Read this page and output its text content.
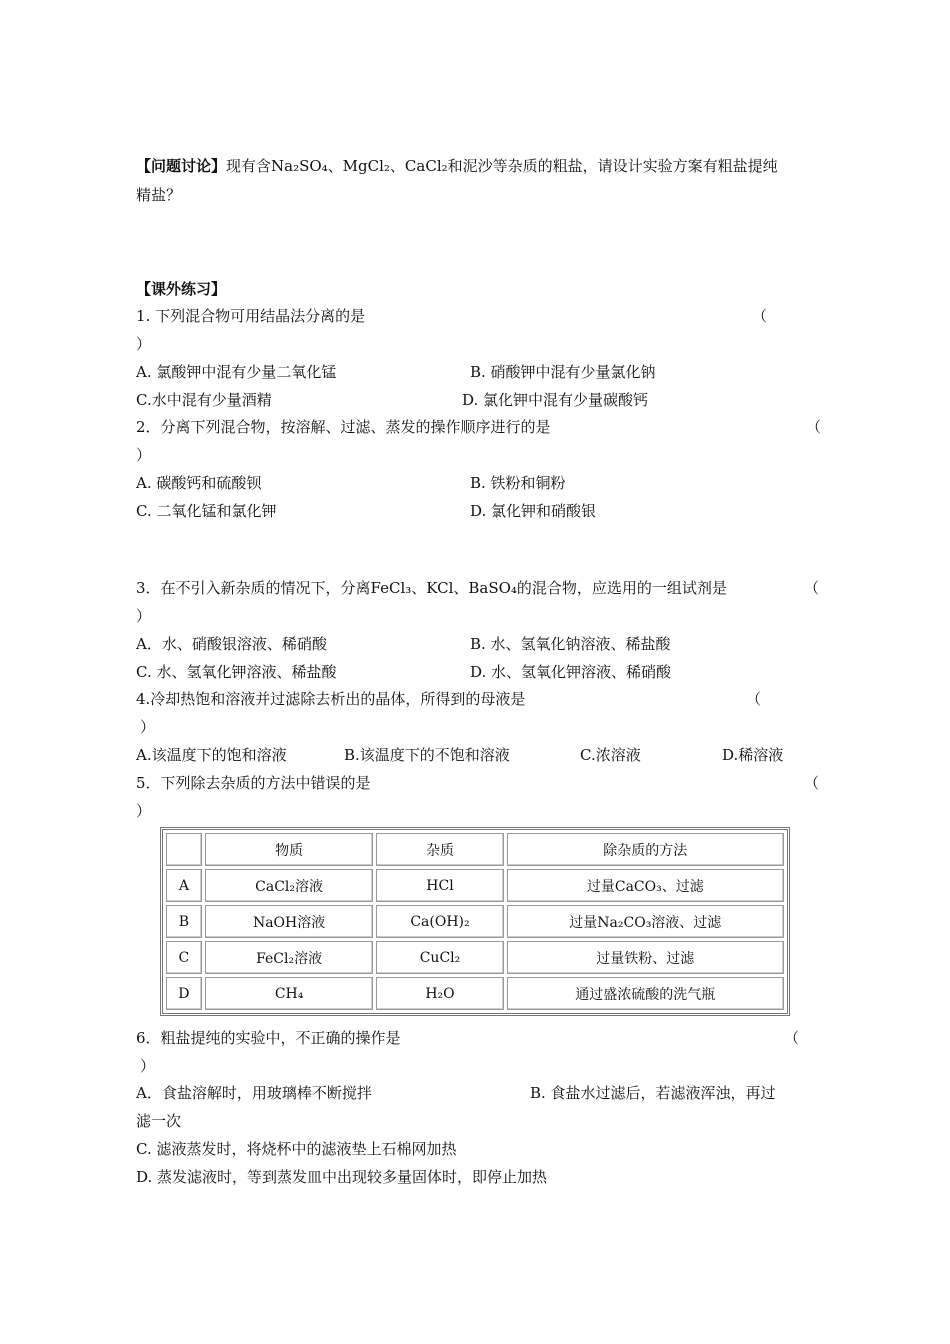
【问题讨论】现有含Na₂SO₄、MgCl₂、CaCl₂和泥沙等杂质的粗盐，请设计实验方案有粗盐提纯
精盐？
【课外练习】
1. 下列混合物可用结晶法分离的是	（
）
A. 氯酸钾中混有少量二氧化锰	B. 硝酸钾中混有少量氯化钠
C.水中混有少量酒精	D. 氯化钾中混有少量碳酸钙
2．分离下列混合物，按溶解、过滤、蒸发的操作顺序进行的是	（
）
A. 碳酸钙和硫酸钡	B. 铁粉和铜粉
C. 二氧化锰和氯化钾	D. 氯化钾和硝酸银
3．在不引入新杂质的情况下，分离FeCl₃、KCl、BaSO₄的混合物，应选用的一组试剂是	（
）
A．水、硝酸银溶液、稀硝酸	B. 水、氢氧化钠溶液、稀盐酸
C. 水、氢氧化钾溶液、稀盐酸	D. 水、氢氧化钾溶液、稀硝酸
4.冷却热饱和溶液并过滤除去析出的晶体，所得到的母液是	（
）
A.该温度下的饱和溶液	B.该温度下的不饱和溶液	C.浓溶液	D.稀溶液
5．下列除去杂质的方法中错误的是	（
）
	物质	杂质	除杂质的方法
A	CaCl₂溶液	HCl	过量CaCO₃、过滤
B	NaOH溶液	Ca(OH)₂	过量Na₂CO₃溶液、过滤
C	FeCl₂溶液	CuCl₂	过量铁粉、过滤
D	CH₄	H₂O	通过盛浓硫酸的洗气瓶
6．粗盐提纯的实验中，不正确的操作是	（
）
A．食盐溶解时，用玻璃棒不断搅拌	B. 食盐水过滤后，若滤液浑浊，再过
滤一次
C. 滤液蒸发时，将烧杯中的滤液垫上石棉网加热
D. 蒸发滤液时，等到蒸发皿中出现较多量固体时，即停止加热
